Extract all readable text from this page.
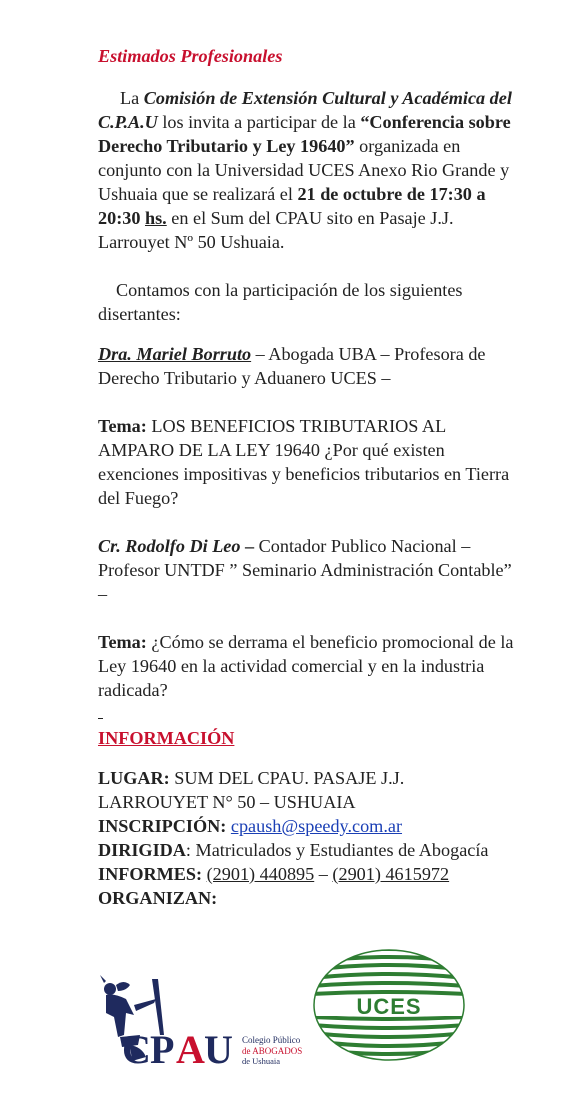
Estimados Profesionales
La Comisión de Extensión Cultural y Académica del C.P.A.U los invita a participar de la “Conferencia sobre Derecho Tributario y Ley 19640” organizada en conjunto con la Universidad UCES Anexo Rio Grande y Ushuaia que se realizará el 21 de octubre de 17:30 a 20:30 hs. en el Sum del CPAU sito en Pasaje J.J. Larrouyet Nº 50 Ushuaia.
Contamos con la participación de los siguientes disertantes:
Dra. Mariel Borruto – Abogada UBA – Profesora de Derecho Tributario y Aduanero UCES –
Tema: LOS BENEFICIOS TRIBUTARIOS AL AMPARO DE LA LEY 19640 ¿Por qué existen exenciones impositivas y beneficios tributarios en Tierra del Fuego?
Cr. Rodolfo Di Leo – Contador Publico Nacional – Profesor UNTDF ” Seminario Administración Contable” –
Tema: ¿Cómo se derrama el beneficio promocional de la Ley 19640 en la actividad comercial y en la industria radicada?
INFORMACIÓN
LUGAR: SUM DEL CPAU. PASAJE J.J. LARROUYET N° 50 – USHUAIA
INSCRIPCIÓN: cpaush@speedy.com.ar
DIRIGIDA: Matriculados y Estudiantes de Abogacía
INFORMES: (2901) 440895 – (2901) 4615972
ORGANIZAN:
C P A U Colegio Público
de ABOGADOS
de Ushuaia
UCES
